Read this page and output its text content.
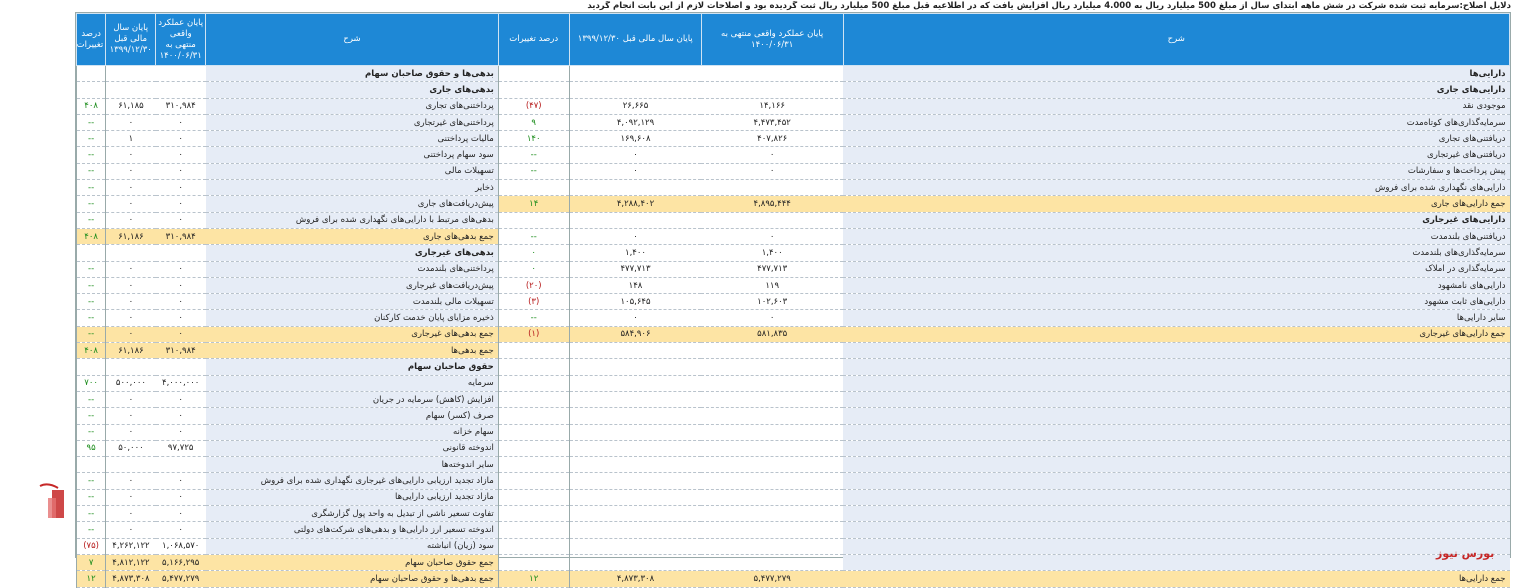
دلایل اصلاح:سرمایه ثبت شده شرکت در شش ماهه ابتدای سال از مبلغ 500 میلیارد ریال به 4.000 میلیارد ریال افزایش یافت که در اطلاعیه قبل مبلغ 500 میلیارد ریال ثبت گردیده بود و اصلاحات لازم از این بابت انجام گردید
شرح	پایان عملکرد واقعی منتهی به ۱۴۰۰/۰۶/۳۱	پایان سال مالی قبل ۱۳۹۹/۱۲/۳۰	درصد تغییرات	شرح	پایان عملکرد واقعی منتهی به ۱۴۰۰/۰۶/۳۱	پایان سال مالی قبل ۱۳۹۹/۱۲/۳۰	درصد تغییرات
دارایی‌ها				بدهی‌ها و حقوق صاحبان سهام			
دارایی‌های جاری				بدهی‌های جاری			
موجودی نقد	۱۴,۱۶۶	۲۶,۶۶۵	(۴۷)	پرداختنی‌های تجاری	۳۱۰,۹۸۴	۶۱,۱۸۵	۴۰۸
سرمایه‌گذاری‌های کوتاه‌مدت	۴,۴۷۳,۴۵۲	۴,۰۹۲,۱۲۹	۹	پرداختنی‌های غیرتجاری	۰	۰	--
دریافتنی‌های تجاری	۴۰۷,۸۲۶	۱۶۹,۶۰۸	۱۴۰	مالیات پرداختنی	۰	۱	--
دریافتنی‌های غیرتجاری	۰	۰	--	سود سهام پرداختنی	۰	۰	--
پیش پرداخت‌ها و سفارشات	۰	۰	--	تسهیلات مالی	۰	۰	--
دارایی‌های نگهداری شده برای فروش				ذخایر	۰	۰	--
جمع دارایی‌های جاری	۴,۸۹۵,۴۴۴	۴,۲۸۸,۴۰۲	۱۴	پیش‌دریافت‌های جاری	۰	۰	--
دارایی‌های غیرجاری				بدهی‌های مرتبط با دارایی‌های نگهداری شده برای فروش	۰	۰	--
دریافتنی‌های بلندمدت	۰	۰	--	جمع بدهی‌های جاری	۳۱۰,۹۸۴	۶۱,۱۸۶	۴۰۸
سرمایه‌گذاری‌های بلندمدت	۱,۴۰۰	۱,۴۰۰	۰	بدهی‌های غیرجاری			
سرمایه‌گذاری در املاک	۴۷۷,۷۱۳	۴۷۷,۷۱۳	۰	پرداختنی‌های بلندمدت	۰	۰	--
دارایی‌های نامشهود	۱۱۹	۱۴۸	(۲۰)	پیش‌دریافت‌های غیرجاری	۰	۰	--
دارایی‌های ثابت مشهود	۱۰۲,۶۰۳	۱۰۵,۶۴۵	(۳)	تسهیلات مالی بلندمدت	۰	۰	--
سایر دارایی‌ها	۰	۰	--	ذخیره مزایای پایان خدمت کارکنان	۰	۰	--
جمع دارایی‌های غیرجاری	۵۸۱,۸۳۵	۵۸۴,۹۰۶	(۱)	جمع بدهی‌های غیرجاری	۰	۰	--
				جمع بدهی‌ها	۳۱۰,۹۸۴	۶۱,۱۸۶	۴۰۸
				حقوق صاحبان سهام			
				سرمایه	۴,۰۰۰,۰۰۰	۵۰۰,۰۰۰	۷۰۰
				افزایش (کاهش) سرمایه در جریان	۰	۰	--
				صرف (کسر) سهام	۰	۰	--
				سهام خزانه	۰	۰	--
				اندوخته قانونی	۹۷,۷۲۵	۵۰,۰۰۰	۹۵
				سایر اندوخته‌ها			
				مازاد تجدید ارزیابی دارایی‌های غیرجاری نگهداری شده برای فروش	۰	۰	--
				مازاد تجدید ارزیابی دارایی‌ها	۰	۰	--
				تفاوت تسعیر ناشی از تبدیل به واحد پول گزارشگری	۰	۰	--
				اندوخته تسعیر ارز دارایی‌ها و بدهی‌های شرکت‌های دولتی	۰	۰	--
				سود (زیان) انباشته	۱,۰۶۸,۵۷۰	۴,۲۶۲,۱۲۲	(۷۵)
				جمع حقوق صاحبان سهام	۵,۱۶۶,۲۹۵	۴,۸۱۲,۱۲۲	۷
جمع دارایی‌ها	۵,۴۷۷,۲۷۹	۴,۸۷۳,۳۰۸	۱۲	جمع بدهی‌ها و حقوق صاحبان سهام	۵,۴۷۷,۲۷۹	۴,۸۷۳,۳۰۸	۱۲
بورس نیوز
